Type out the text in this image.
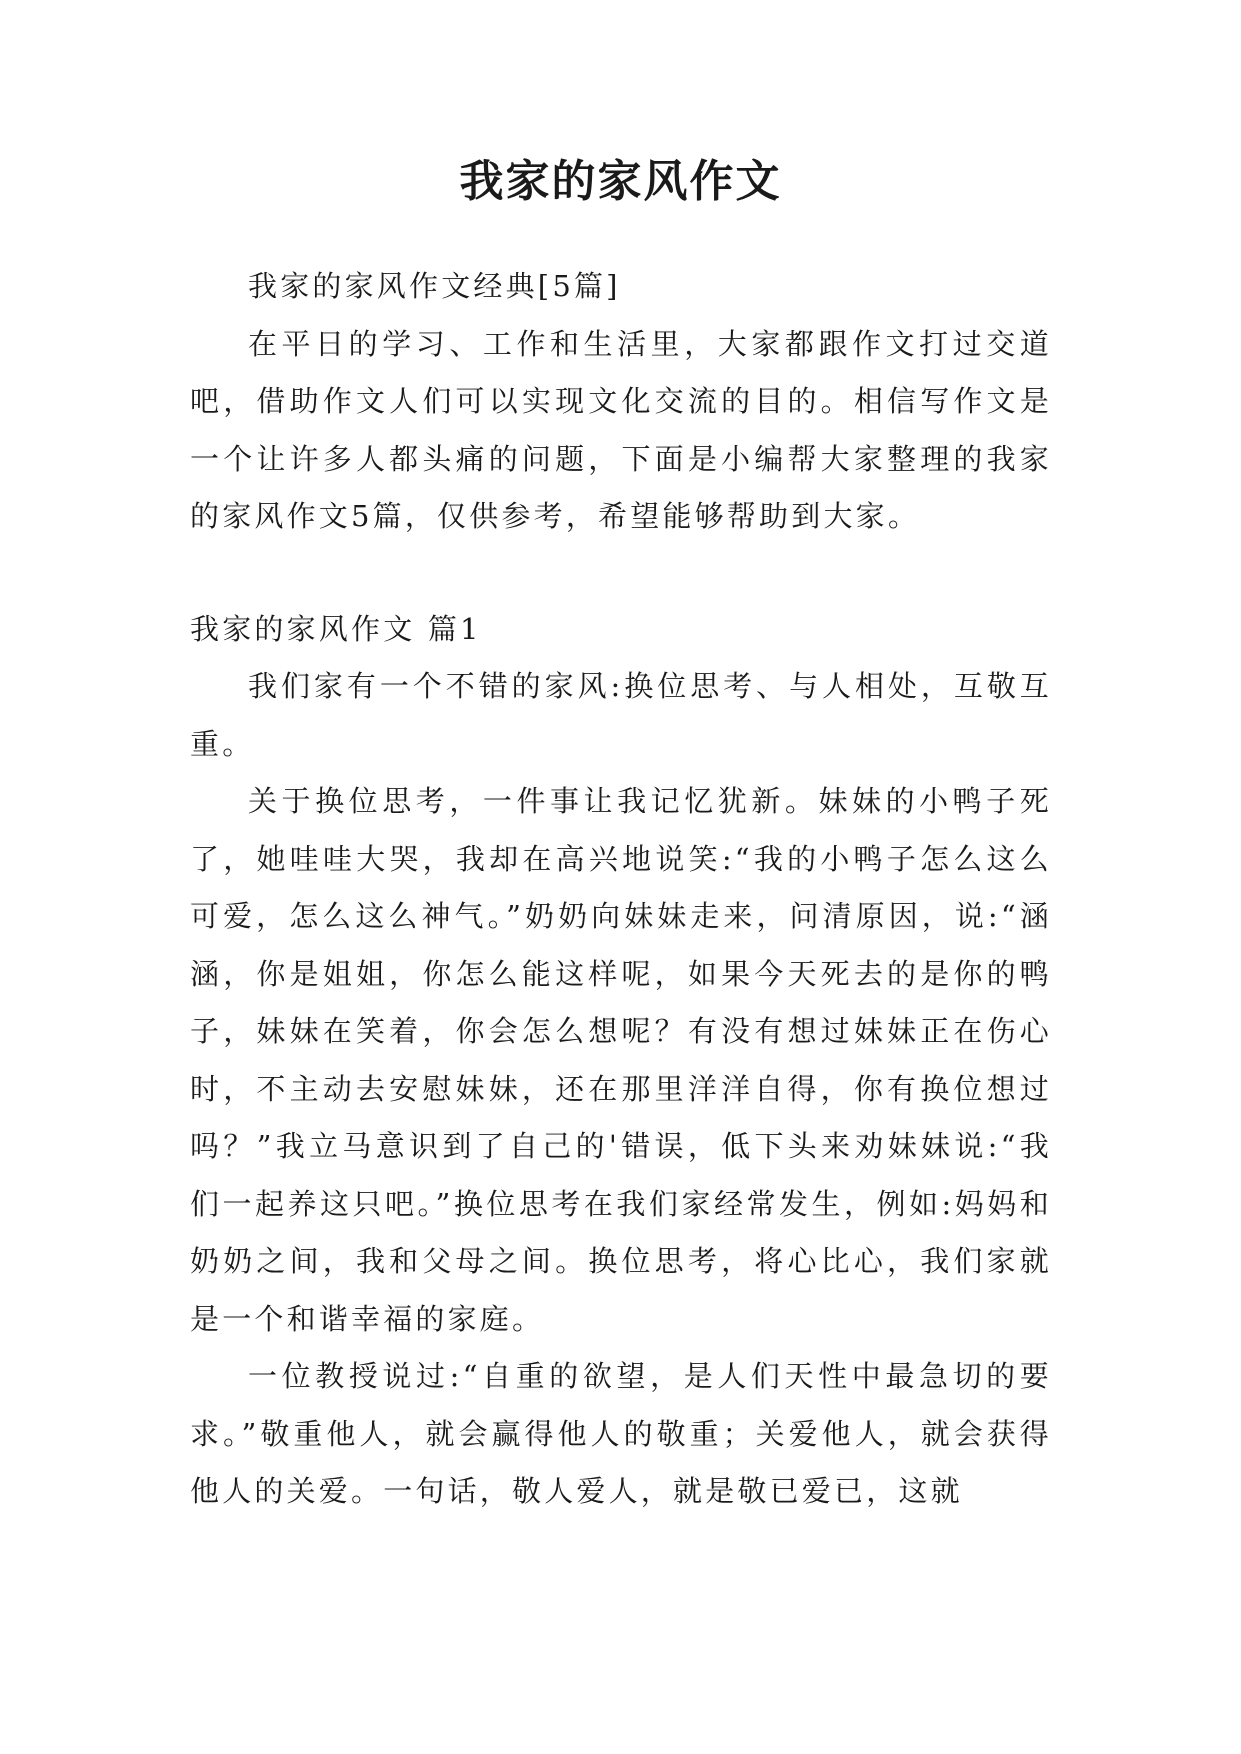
我家的家风作文

我家的家风作文经典[5篇]

在平日的学习、工作和生活里，大家都跟作文打过交道吧，借助作文人们可以实现文化交流的目的。相信写作文是一个让许多人都头痛的问题，下面是小编帮大家整理的我家的家风作文5篇，仅供参考，希望能够帮助到大家。

我家的家风作文 篇1

我们家有一个不错的家风:换位思考、与人相处，互敬互重。

关于换位思考，一件事让我记忆犹新。妹妹的小鸭子死了，她哇哇大哭，我却在高兴地说笑:“我的小鸭子怎么这么可爱，怎么这么神气。”奶奶向妹妹走来，问清原因，说:“涵涵，你是姐姐，你怎么能这样呢，如果今天死去的是你的鸭子，妹妹在笑着，你会怎么想呢？有没有想过妹妹正在伤心时，不主动去安慰妹妹，还在那里洋洋自得，你有换位想过吗？”我立马意识到了自己的'错误，低下头来劝妹妹说:“我们一起养这只吧。”换位思考在我们家经常发生，例如:妈妈和奶奶之间，我和父母之间。换位思考，将心比心，我们家就是一个和谐幸福的家庭。

一位教授说过:“自重的欲望，是人们天性中最急切的要求。”敬重他人，就会赢得他人的敬重；关爱他人，就会获得他人的关爱。一句话，敬人爱人，就是敬已爱已，这就
